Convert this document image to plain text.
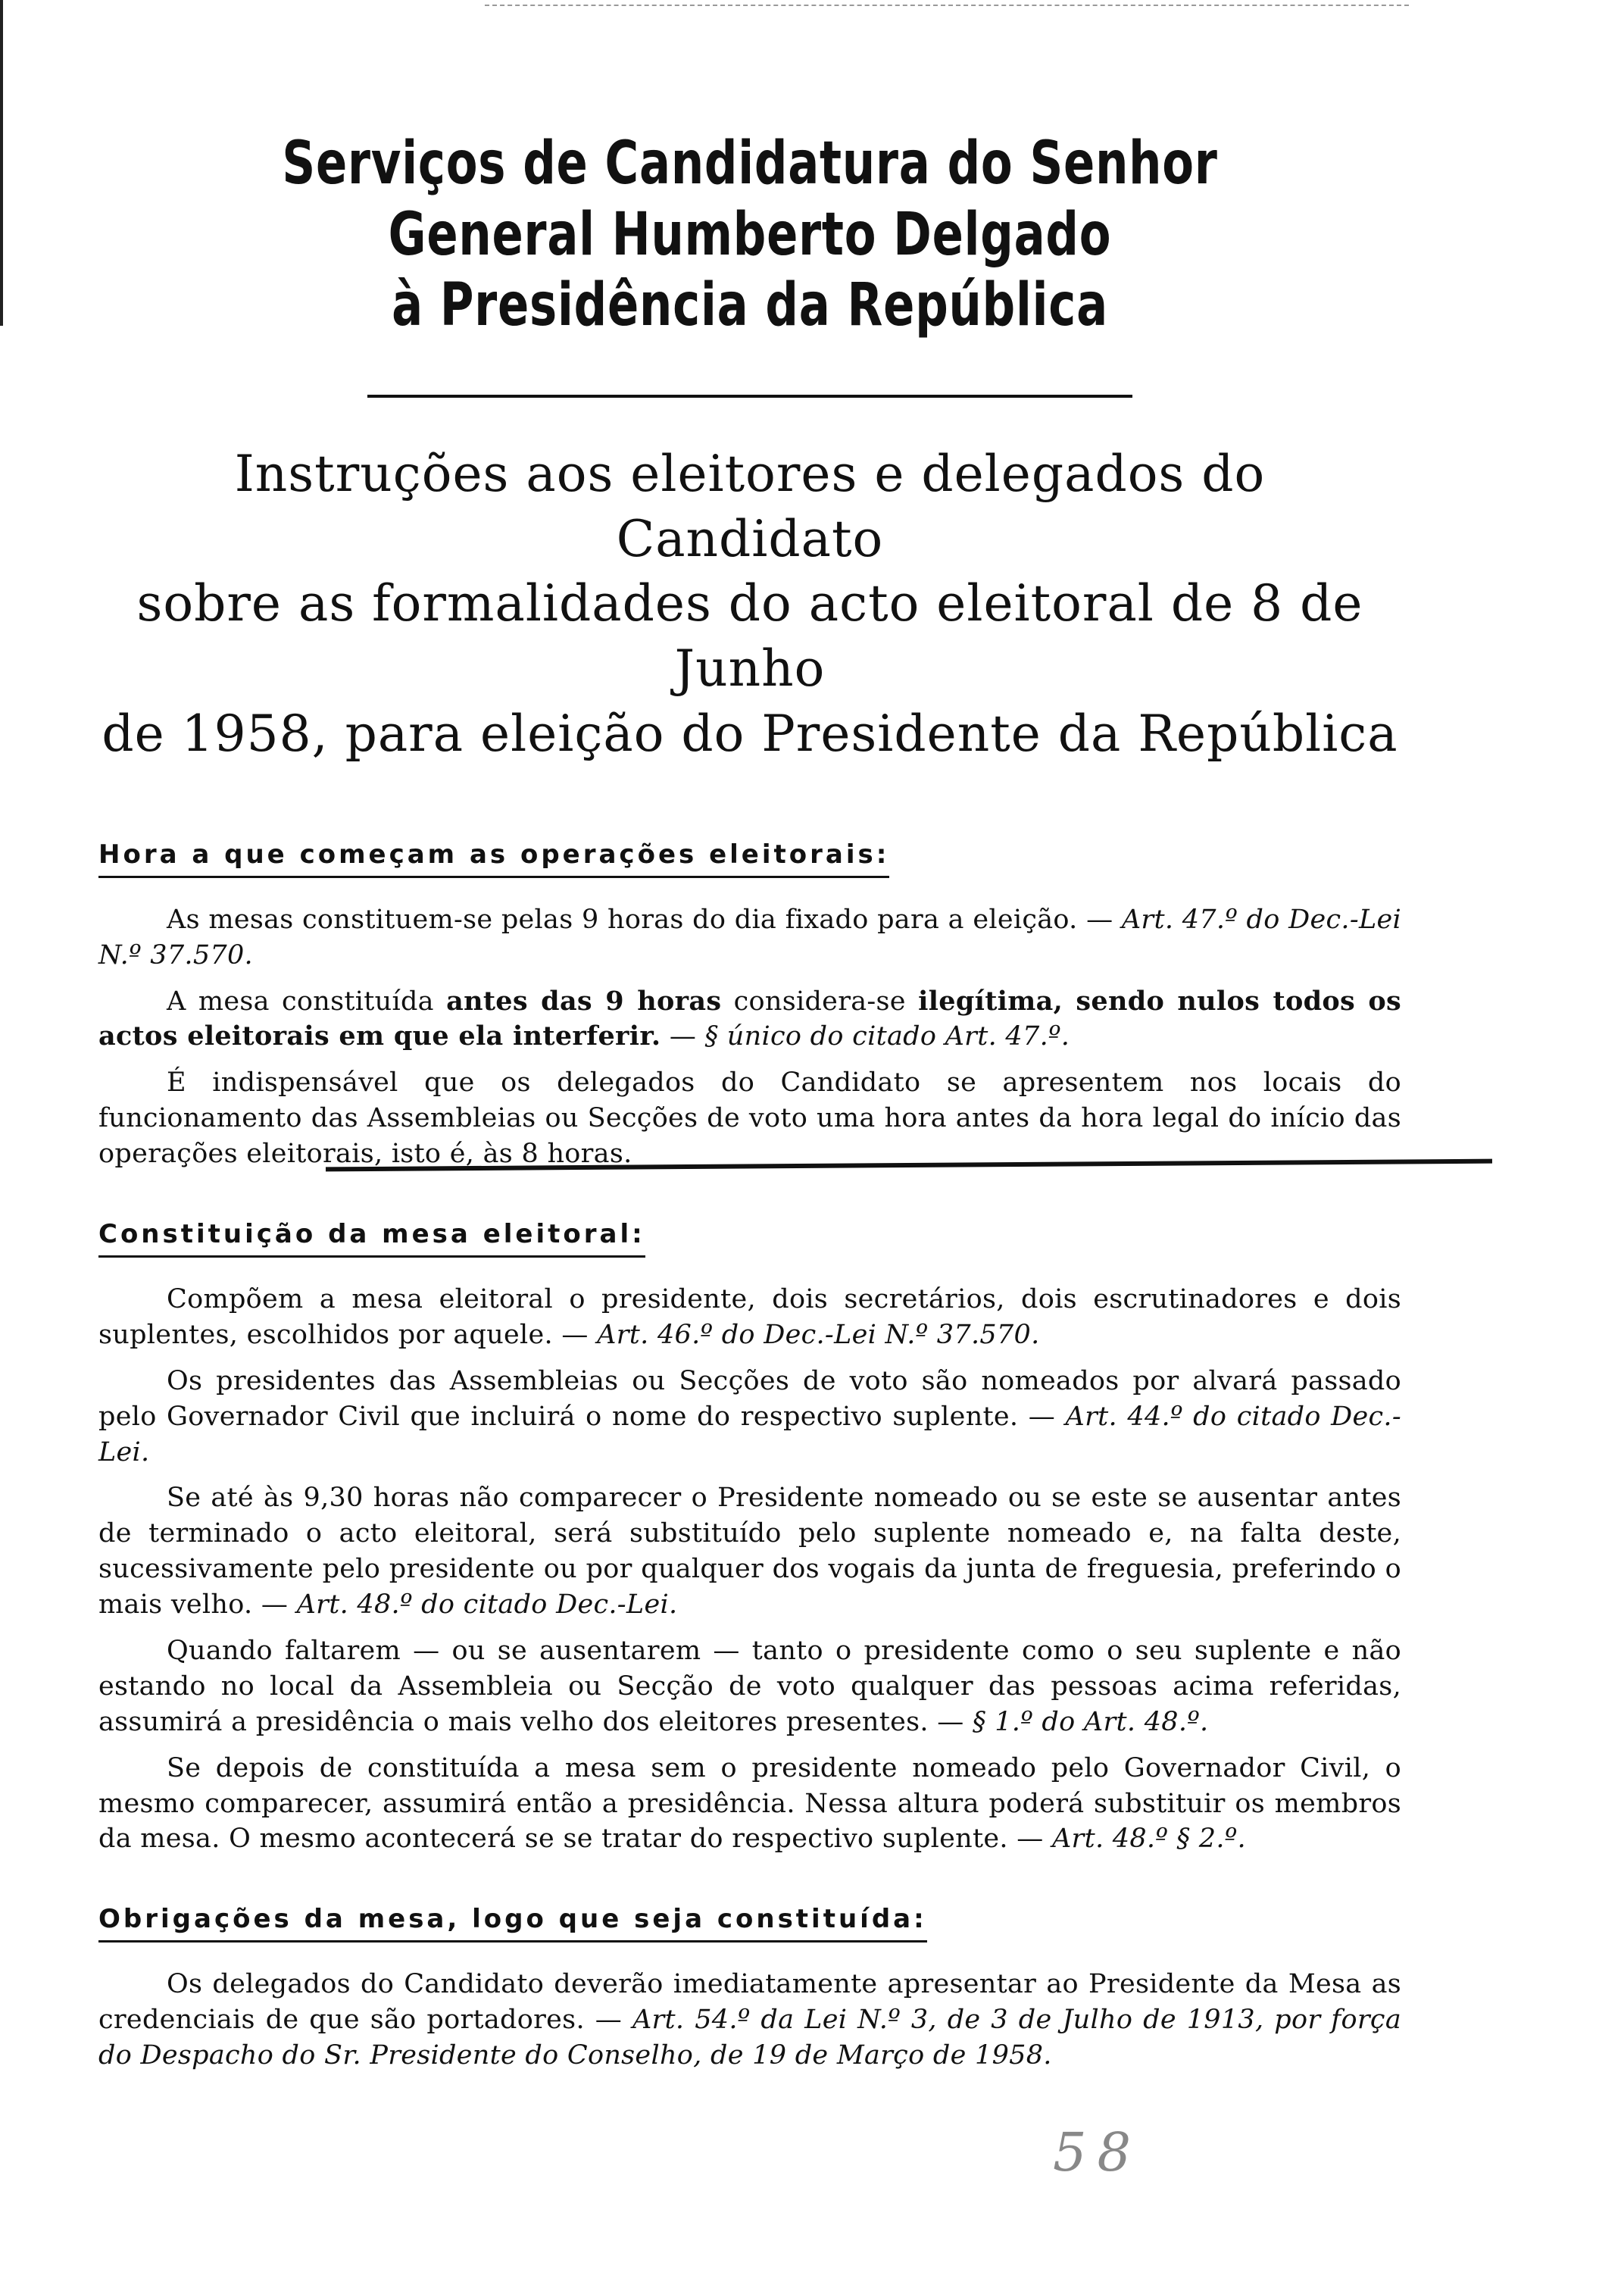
Serviços de Candidatura do Senhor General Humberto Delgado

à Presidência da República

Instruções aos eleitores e delegados do Candidato

sobre as formalidades do acto eleitoral de 8 de Junho

de 1958, para eleição do Presidente da República

Hora a que começam as operações eleitorais:

As mesas constituem-se pelas 9 horas do dia fixado para a eleição. — Art. 47.º do Dec.-Lei N.º 37.570.

A mesa constituída antes das 9 horas considera-se ilegítima, sendo nulos todos os actos eleitorais em que ela interferir. — § único do citado Art. 47.º.

É indispensável que os delegados do Candidato se apresentem nos locais do funcionamento das Assembleias ou Secções de voto uma hora antes da hora legal do início das operações eleitorais, isto é, às 8 horas.

Constituição da mesa eleitoral:

Compõem a mesa eleitoral o presidente, dois secretários, dois escrutinadores e dois suplentes, escolhidos por aquele. — Art. 46.º do Dec.-Lei N.º 37.570.

Os presidentes das Assembleias ou Secções de voto são nomeados por alvará passado pelo Governador Civil que incluirá o nome do respectivo suplente. — Art. 44.º do citado Dec.-Lei.

Se até às 9,30 horas não comparecer o Presidente nomeado ou se este se ausentar antes de terminado o acto eleitoral, será substituído pelo suplente nomeado e, na falta deste, sucessivamente pelo presidente ou por qualquer dos vogais da junta de freguesia, preferindo o mais velho. — Art. 48.º do citado Dec.-Lei.

Quando faltarem — ou se ausentarem — tanto o presidente como o seu suplente e não estando no local da Assembleia ou Secção de voto qualquer das pessoas acima referidas, assumirá a presidência o mais velho dos eleitores presentes. — § 1.º do Art. 48.º.

Se depois de constituída a mesa sem o presidente nomeado pelo Governador Civil, o mesmo comparecer, assumirá então a presidência. Nessa altura poderá substituir os membros da mesa. O mesmo acontecerá se se tratar do respectivo suplente. — Art. 48.º § 2.º.

Obrigações da mesa, logo que seja constituída:

Os delegados do Candidato deverão imediatamente apresentar ao Presidente da Mesa as credenciais de que são portadores. — Art. 54.º da Lei N.º 3, de 3 de Julho de 1913, por força do Despacho do Sr. Presidente do Conselho, de 19 de Março de 1958.

58
